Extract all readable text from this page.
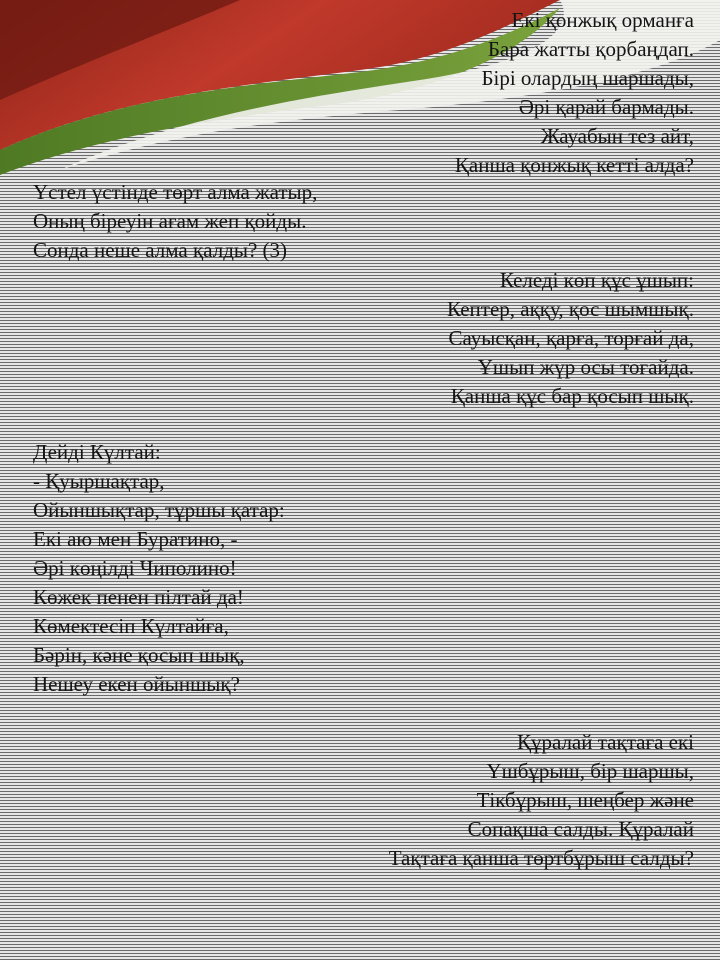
Екі қонжық орманға
Бара жатты қорбаңдап.
Бірі олардың шаршады,
Әрі қарай бармады.
Жауабын тез айт,
Қанша қонжық кетті алда?
Үстел үстінде төрт алма жатыр,
Оның біреуін ағам жеп қойды.
Сонда неше алма қалды? (3)
Келеді көп құс ұшып:
Кептер, аққу, қос шымшық.
Сауысқан, қарға, торғай да,
Ұшып жүр осы тоғайда.
Қанша құс бар қосып шық.
Дейді Күлтай:
- Қуыршақтар,
Ойыншықтар, тұршы қатар:
Екі аю мен Буратино, -
Әрі көңілді Чиполино!
Көжек пенен пілтай да!
Көмектесіп Күлтайға,
Бәрін, кәне қосып шық,
Нешеу екен ойыншық?
Құралай тақтаға екі
Үшбұрыш, бір шаршы,
Тікбұрыш, шеңбер және
Сопақша салды. Құралай
Тақтаға қанша төртбұрыш салды?
